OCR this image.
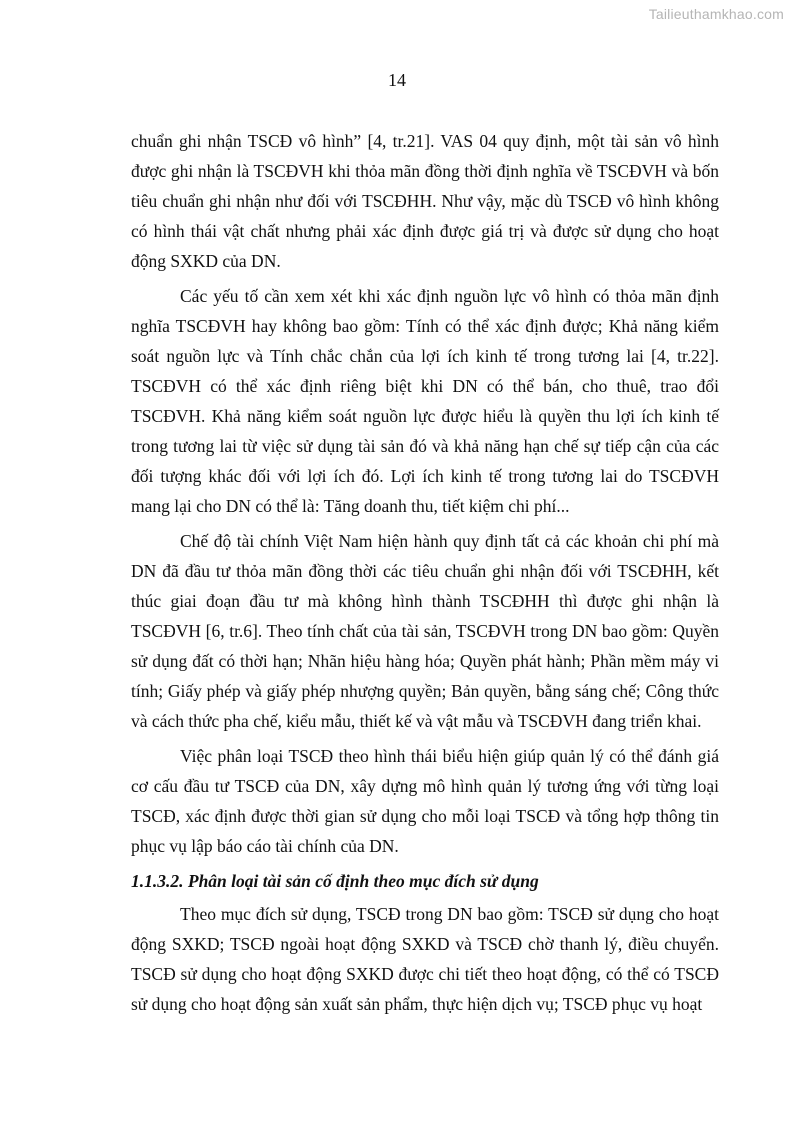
Tailieuthamkhao.com
14

chuẩn ghi nhận TSCĐ vô hình” [4, tr.21]. VAS 04 quy định, một tài sản vô hình được ghi nhận là TSCĐVH khi thỏa mãn đồng thời định nghĩa về TSCĐVH và bốn tiêu chuẩn ghi nhận như đối với TSCĐHH. Như vậy, mặc dù TSCĐ vô hình không có hình thái vật chất nhưng phải xác định được giá trị và được sử dụng cho hoạt động SXKD của DN.

Các yếu tố cần xem xét khi xác định nguồn lực vô hình có thỏa mãn định nghĩa TSCĐVH hay không bao gồm: Tính có thể xác định được; Khả năng kiểm soát nguồn lực và Tính chắc chắn của lợi ích kinh tế trong tương lai [4, tr.22]. TSCĐVH có thể xác định riêng biệt khi DN có thể bán, cho thuê, trao đổi TSCĐVH. Khả năng kiểm soát nguồn lực được hiểu là quyền thu lợi ích kinh tế trong tương lai từ việc sử dụng tài sản đó và khả năng hạn chế sự tiếp cận của các đối tượng khác đối với lợi ích đó. Lợi ích kinh tế trong tương lai do TSCĐVH mang lại cho DN có thể là: Tăng doanh thu, tiết kiệm chi phí...

Chế độ tài chính Việt Nam hiện hành quy định tất cả các khoản chi phí mà DN đã đầu tư thỏa mãn đồng thời các tiêu chuẩn ghi nhận đối với TSCĐHH, kết thúc giai đoạn đầu tư mà không hình thành TSCĐHH thì được ghi nhận là TSCĐVH [6, tr.6]. Theo tính chất của tài sản, TSCĐVH trong DN bao gồm: Quyền sử dụng đất có thời hạn; Nhãn hiệu hàng hóa; Quyền phát hành; Phần mềm máy vi tính; Giấy phép và giấy phép nhượng quyền; Bản quyền, bằng sáng chế; Công thức và cách thức pha chế, kiểu mẫu, thiết kế và vật mẫu và TSCĐVH đang triển khai.

Việc phân loại TSCĐ theo hình thái biểu hiện giúp quản lý có thể đánh giá cơ cấu đầu tư TSCĐ của DN, xây dựng mô hình quản lý tương ứng với từng loại TSCĐ, xác định được thời gian sử dụng cho mỗi loại TSCĐ và tổng hợp thông tin phục vụ lập báo cáo tài chính của DN.

1.1.3.2. Phân loại tài sản cố định theo mục đích sử dụng

Theo mục đích sử dụng, TSCĐ trong DN bao gồm: TSCĐ sử dụng cho hoạt động SXKD; TSCĐ ngoài hoạt động SXKD và TSCĐ chờ thanh lý, điều chuyển. TSCĐ sử dụng cho hoạt động SXKD được chi tiết theo hoạt động, có thể có TSCĐ sử dụng cho hoạt động sản xuất sản phẩm, thực hiện dịch vụ; TSCĐ phục vụ hoạt
